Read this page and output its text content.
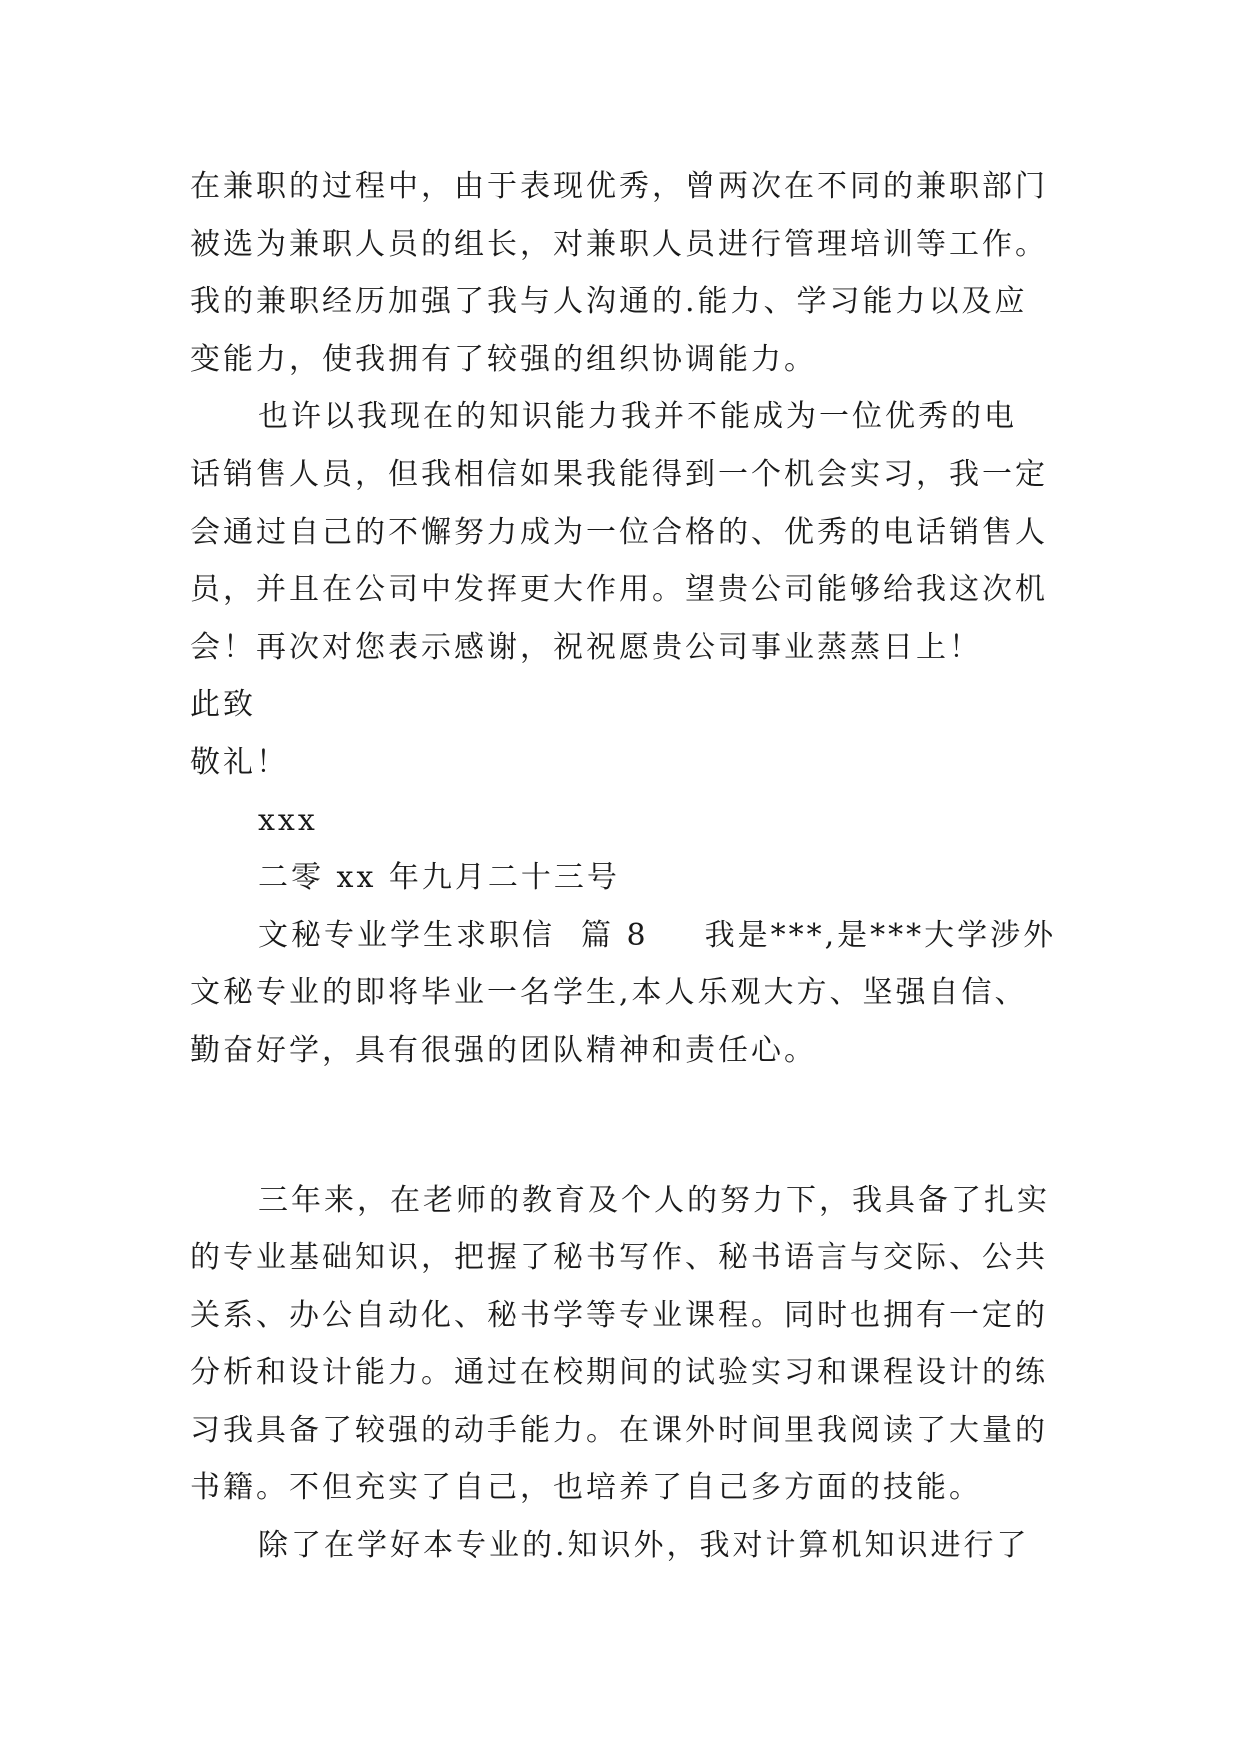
在兼职的过程中，由于表现优秀，曾两次在不同的兼职部门
被选为兼职人员的组长，对兼职人员进行管理培训等工作。
我的兼职经历加强了我与人沟通的.能力、学习能力以及应
变能力，使我拥有了较强的组织协调能力。
也许以我现在的知识能力我并不能成为一位优秀的电
话销售人员，但我相信如果我能得到一个机会实习，我一定
会通过自己的不懈努力成为一位合格的、优秀的电话销售人
员，并且在公司中发挥更大作用。望贵公司能够给我这次机
会！再次对您表示感谢，祝祝愿贵公司事业蒸蒸日上！
此致
敬礼！
xxx
二零 xx 年九月二十三号
文秘专业学生求职信 篇 8 我是***,是***大学涉外
文秘专业的即将毕业一名学生,本人乐观大方、坚强自信、
勤奋好学，具有很强的团队精神和责任心。
三年来，在老师的教育及个人的努力下，我具备了扎实
的专业基础知识，把握了秘书写作、秘书语言与交际、公共
关系、办公自动化、秘书学等专业课程。同时也拥有一定的
分析和设计能力。通过在校期间的试验实习和课程设计的练
习我具备了较强的动手能力。在课外时间里我阅读了大量的
书籍。不但充实了自己，也培养了自己多方面的技能。
除了在学好本专业的.知识外，我对计算机知识进行了
